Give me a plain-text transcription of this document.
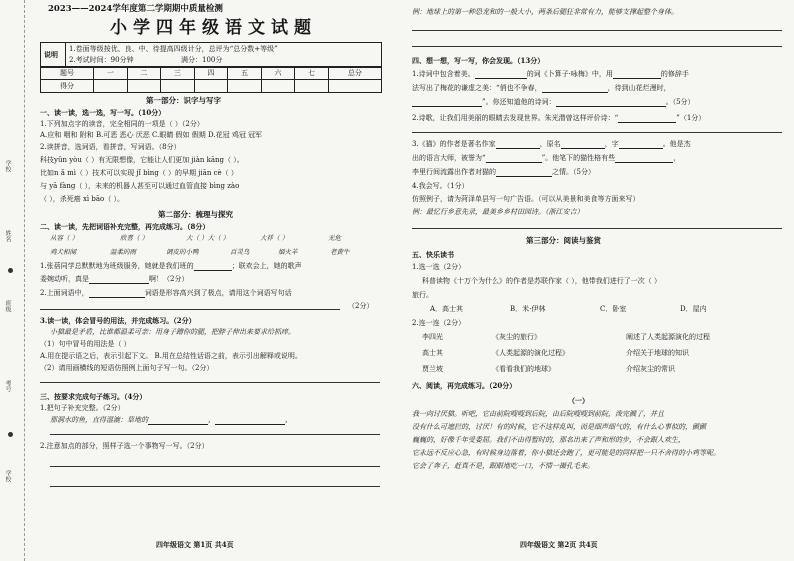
学校
姓名
班级
考号
学校
2023——2024学年度第二学期期中质量检测
小学四年级语文试题
说明
1.卷面等级按优、良、中、待提高四级计分，总评为“总分数+等级”
2.考试时间：90分钟	满分：100分
题号	一	二	三	四	五	六	七	总分
得分								
第一部分：识字与写字
一、读一读，选一选，写一写。（10分）
1.下列加点字的读音，完全相同的一项是（ ）（2分）
A.应和 咽和 附和 B.可恶 恶心 厌恶 C.眼睛 假如 假期 D.花冠 鸡冠 冠军
2.读拼音，选词语，看拼音，写词语。（8分）
科技yǔn yòu（ ）有无限想像，它能让人们更加 jiàn kāng（ ）。
比如n ǎ mì（ ）技术可以实现 jǐ bìng（ ）的早期 jiān cè（ ）
与 yā fàng（ ），未来的机器人甚至可以通过血管直接 bìng zào
（ ），杀死癌 xì bāo（ ）。
第二部分：梳理与探究
二、读一读，先把词语补充完整，再完成练习。（8分）
从容（ ）	欣喜（ ）	大（ ）大（ ）	大祥（ ）	无危
鸡犬相闻	温柔的雨	调皮的小鸭	百灵鸟	烟火羊	老黄牛
1.张蓓同学总默默地为班级服务，她就是我们班的	；联欢会上，她的歌声
委婉动听，真是	啊！（2分）
2.上面词语中，	词语是形容高兴到了极点，请用这个词语写句话
（2分）
3.读一读，体会冒号的用法，并完成练习。（2分）
小猫最是矛盾，比谁都温柔可亲：用身子蹭你的腿，把脖子伸出来要求给抓痒。
（1）句中冒号的用法是（ ）
A.用在提示语之后，表示引起下文。 B.用在总结性话语之前，表示引出解释或说明。
（2）请用画横线的短语仿照例上面句子写一句。（2分）
三、按要求完成句子练习。（4分）
1.把句子补充完整。（2分）
那洞水的鱼，直得湿漉：草地的	，	，
2.注意加点的部分，照样子选一个事物写一写。（2分）
四年级语文 第1页 共4页
例：地球上的第一种恐龙和的一般大小，两条后腿狂非常有力，能够支撑起整个身体。
四、想一想，写一写，你会发现。（13分）
1.诗词中包含着美。	的词《卜算子·咏梅》中，用	的修辞手
法写出了梅花的谦虚之美：“俏也不争春，	，待到山花烂漫时，
”。你还知道他的诗词：	。（5分）
2.诗歌，让我们用美丽的眼睛去发现世界。朱光潜曾这样评价诗：“	”（1分）
3.《猫》的作者是著名作家	，原名	，字	。他是杰
出的语言大师，被誉为“	”。他笔下的猫性格有些	，
李里行间流露出作者对猫的	之情。（5分）
4.我会写。（1分）
仿照例子，请为菏泽单县写一句广告语。（可以从美景和美食等方面来写）
例：最忆行乡意先录，最美乡乡村田园诗。（浙江安吉）
第三部分：阅读与鉴赏
五、快乐读书
1.选一选（2分）
科普读物《十万个为什么》的作者是苏联作家（ ），他带我们进行了一次（ ）
旅行。
A．高士其	B．米·伊林	C．卧室	D．屋内
2.连一连（2分）
李四光	《灰尘的旅行》	阐述了人类起源演化的过程
高士其	《人类起源的演化过程》	介绍关于地球的知识
贾兰坡	《看看我们的地球》	介绍灰尘的常识
六、阅读，再完成练习。（20分）
（一）
我一向讨厌猫。听吧，它由前院嗖嗖到后院，由后院嗖嗖到前院，泼完溅了，并且
没有什么可遮拦的，讨厌！有的时候，它不这样乱叫，而是细声细气的，有什么心事似的，颤颤
巍巍的，好像千年受委屈。我们不由得暂时的，那名出来了声和形的步，不会跟人欢生，
它永远不反应心急，有时候身边落着，你小猫还会跑了，更可能是的同样把一只不舍得的小鸡等呢。
它会了奔子，赶真不是，跟眼地吃一口，不情一撮孔毛来。
四年级语文 第2页 共4页
